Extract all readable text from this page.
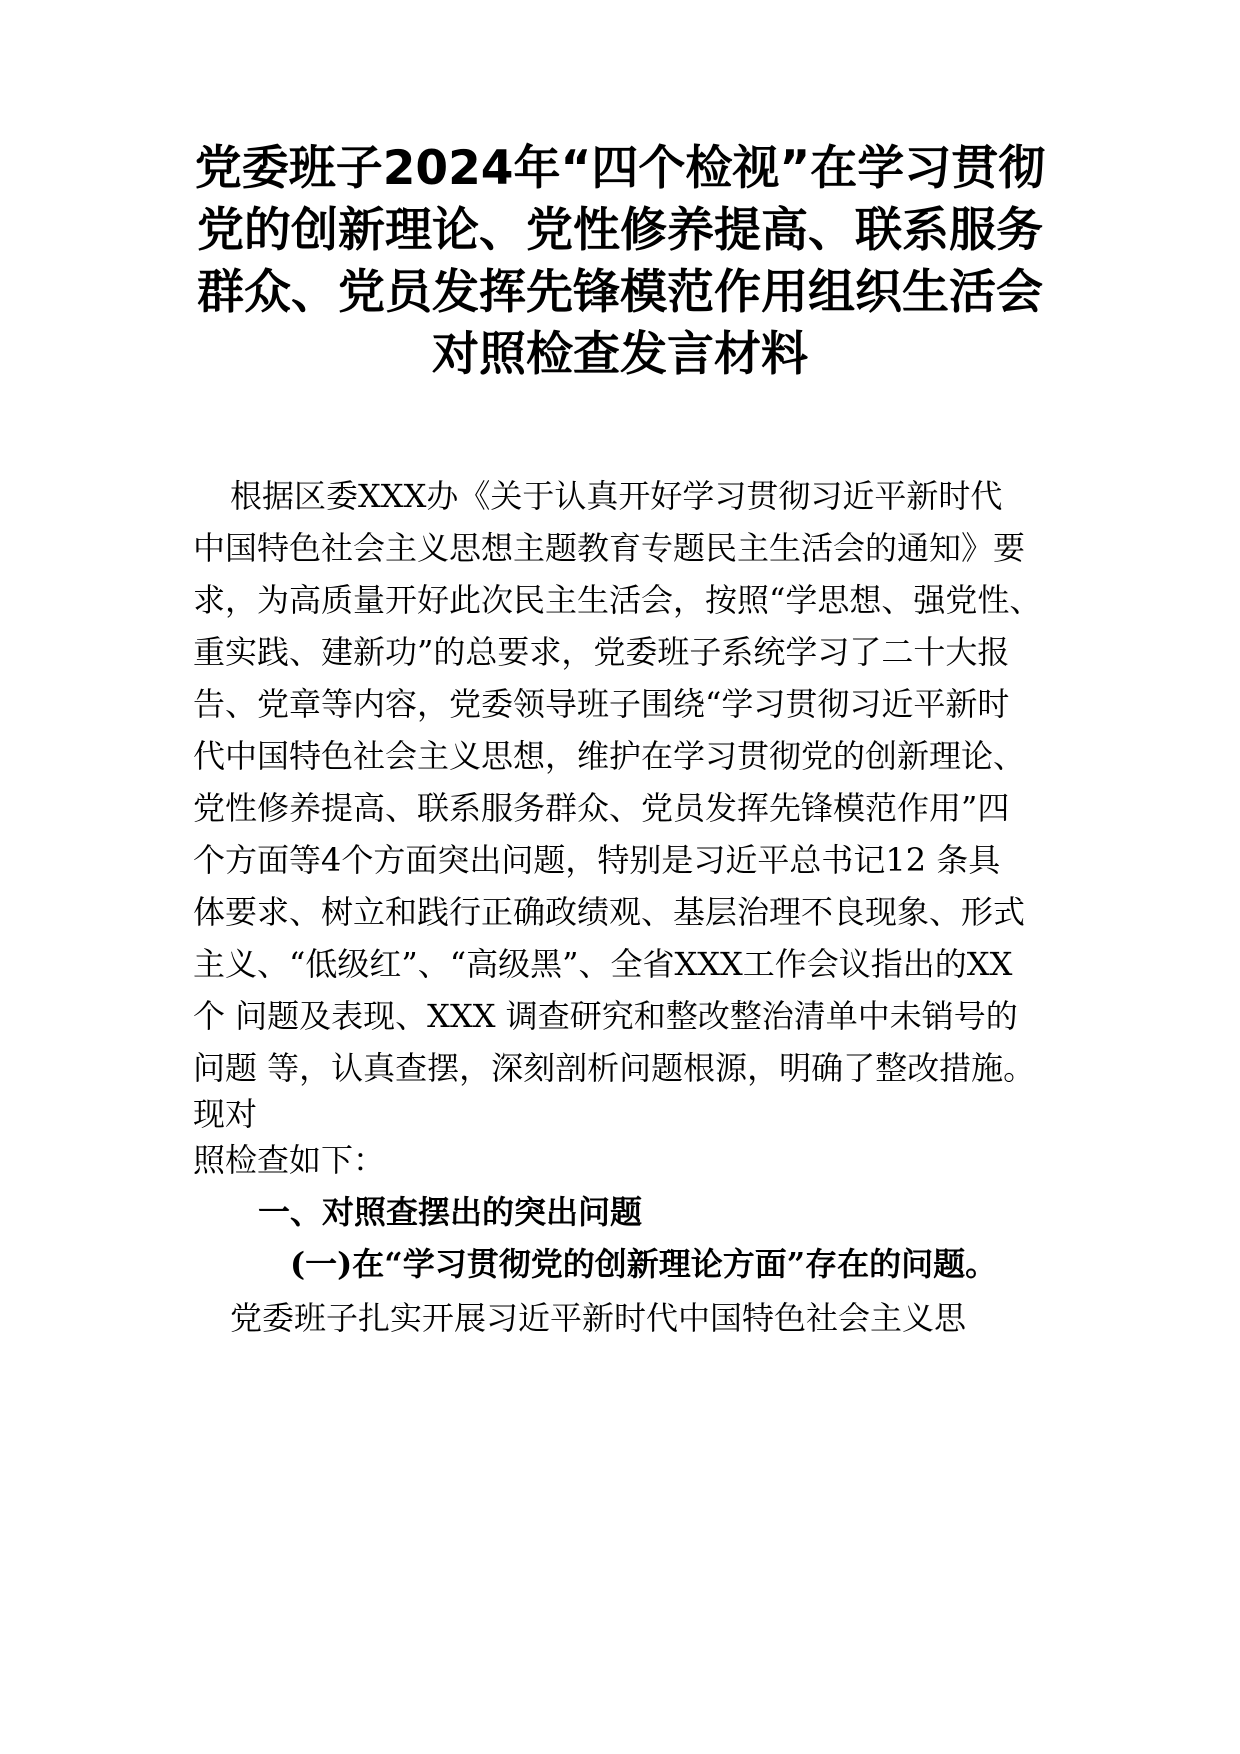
党委班子2024年“四个检视”在学习贯彻
党的创新理论、党性修养提高、联系服务
群众、党员发挥先锋模范作用组织生活会
对照检查发言材料
根据区委XXX办《关于认真开好学习贯彻习近平新时代
中国特色社会主义思想主题教育专题民主生活会的通知》要
求，为高质量开好此次民主生活会，按照“学思想、强党性、
重实践、建新功”的总要求，党委班子系统学习了二十大报
告、党章等内容，党委领导班子围绕“学习贯彻习近平新时
代中国特色社会主义思想，维护在学习贯彻党的创新理论、
党性修养提高、联系服务群众、党员发挥先锋模范作用”四
个方面等4个方面突出问题，特别是习近平总书记12 条具
体要求、树立和践行正确政绩观、基层治理不良现象、形式
主义、“低级红”、“高级黑”、全省XXX工作会议指出的XX
个 问题及表现、XXX 调查研究和整改整治清单中未销号的
问题 等，认真查摆，深刻剖析问题根源，明确了整改措施。
现对
照检查如下：
一、对照查摆出的突出问题
(一)在“学习贯彻党的创新理论方面”存在的问题。
党委班子扎实开展习近平新时代中国特色社会主义思
